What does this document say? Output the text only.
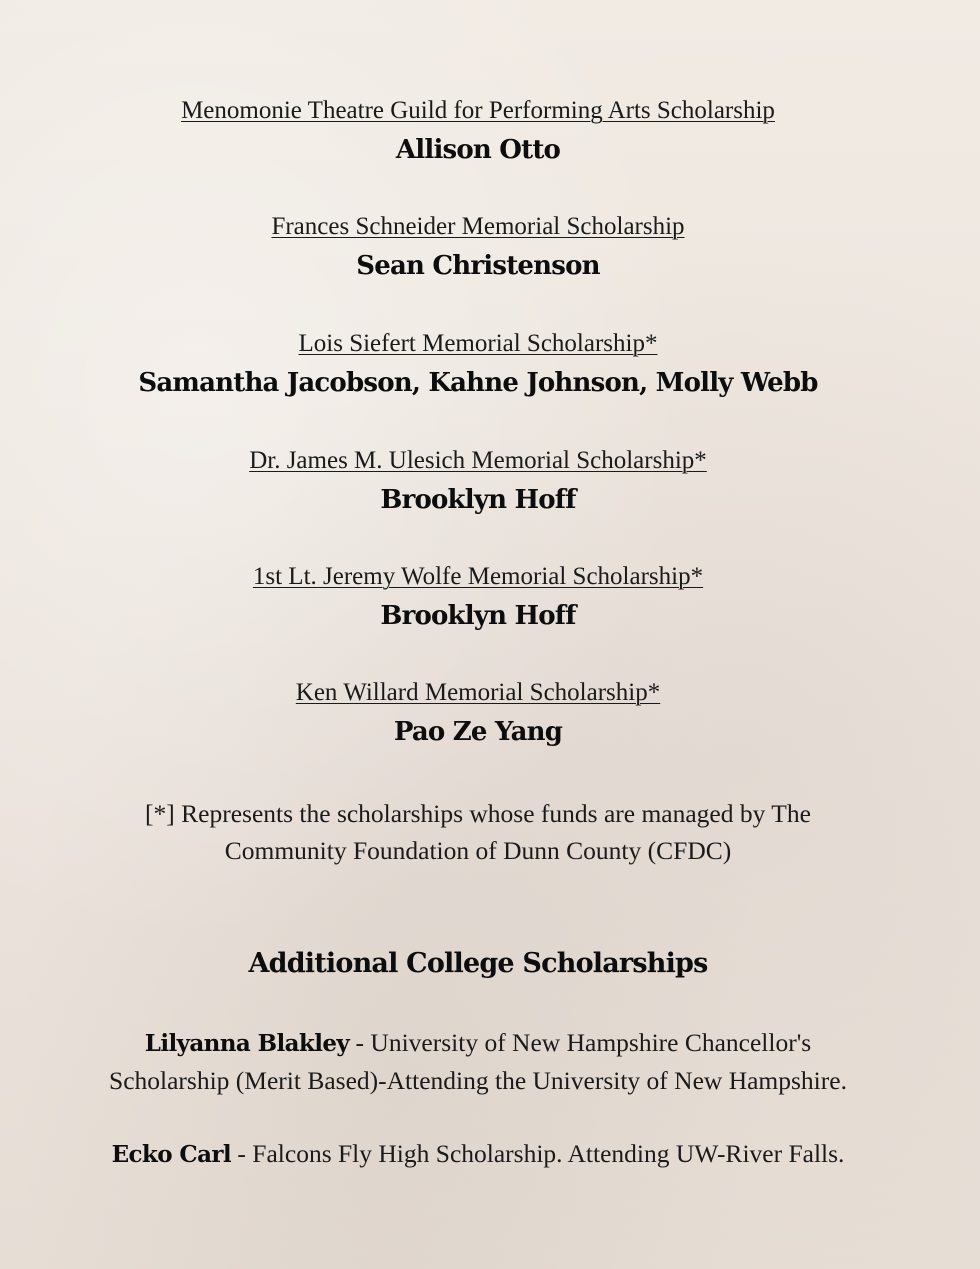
Menomonie Theatre Guild for Performing Arts Scholarship
Allison Otto
Frances Schneider Memorial Scholarship
Sean Christenson
Lois Siefert Memorial Scholarship*
Samantha Jacobson, Kahne Johnson, Molly Webb
Dr. James M. Ulesich Memorial Scholarship*
Brooklyn Hoff
1st Lt. Jeremy Wolfe Memorial Scholarship*
Brooklyn Hoff
Ken Willard Memorial Scholarship*
Pao Ze Yang
[*] Represents the scholarships whose funds are managed by The
Community Foundation of Dunn County (CFDC)
Additional College Scholarships
Lilyanna Blakley - University of New Hampshire Chancellor's
Scholarship (Merit Based)-Attending the University of New Hampshire.
Ecko Carl - Falcons Fly High Scholarship. Attending UW-River Falls.
